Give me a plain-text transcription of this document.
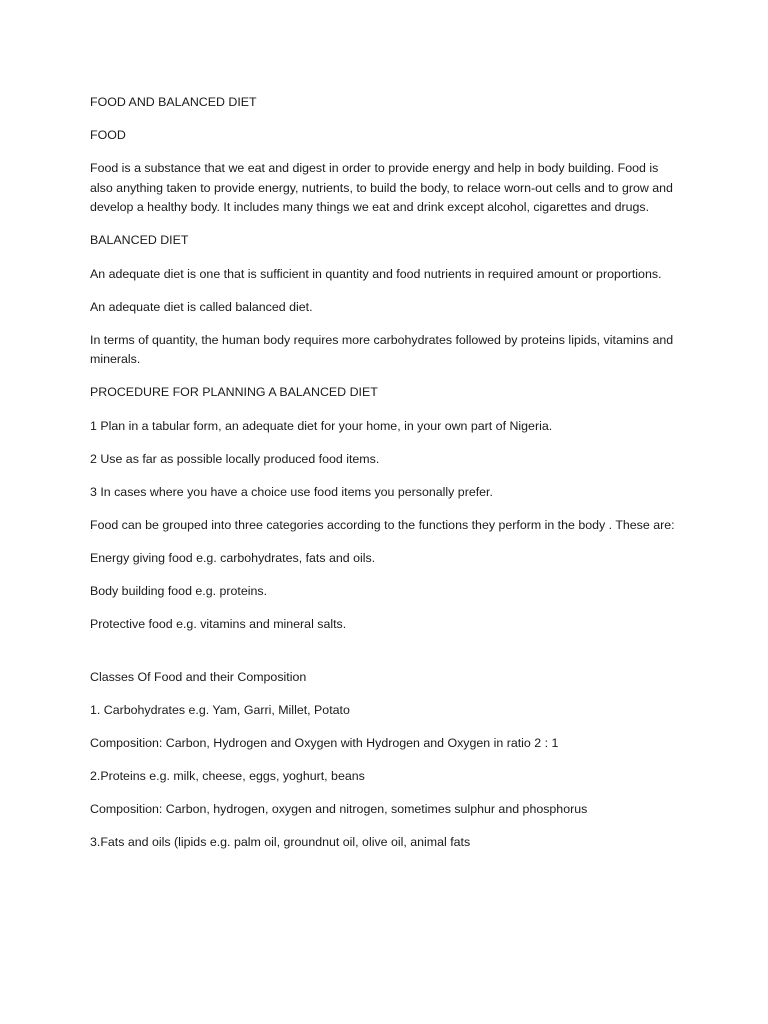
FOOD AND BALANCED DIET

FOOD

Food is a substance that we eat and digest in order to provide energy and help in body building. Food is also anything taken to provide energy, nutrients, to build the body, to relace worn-out cells and to grow and develop a healthy body. It includes many things we eat and drink except alcohol, cigarettes and drugs.

BALANCED DIET

An adequate diet is one that is sufficient in quantity and food nutrients in required amount or proportions.

An adequate diet is called balanced diet.

In terms of quantity, the human body requires more carbohydrates followed by proteins lipids, vitamins and minerals.

PROCEDURE FOR PLANNING A BALANCED DIET

1 Plan in a tabular form, an adequate diet for your home, in your own part of Nigeria.

2 Use as far as possible locally produced food items.

3 In cases where you have a choice use food items you personally prefer.

Food can be grouped into three categories according to the functions they perform in the body . These are:

Energy giving food e.g. carbohydrates, fats and oils.

Body building food e.g. proteins.

Protective food e.g. vitamins and mineral salts.

Classes Of Food and their Composition

1. Carbohydrates e.g. Yam, Garri, Millet, Potato

Composition: Carbon, Hydrogen and Oxygen with Hydrogen and Oxygen in ratio 2 : 1

2.Proteins e.g. milk, cheese, eggs, yoghurt, beans

Composition: Carbon, hydrogen, oxygen and nitrogen, sometimes sulphur and phosphorus

3.Fats and oils (lipids e.g. palm oil, groundnut oil, olive oil, animal fats
